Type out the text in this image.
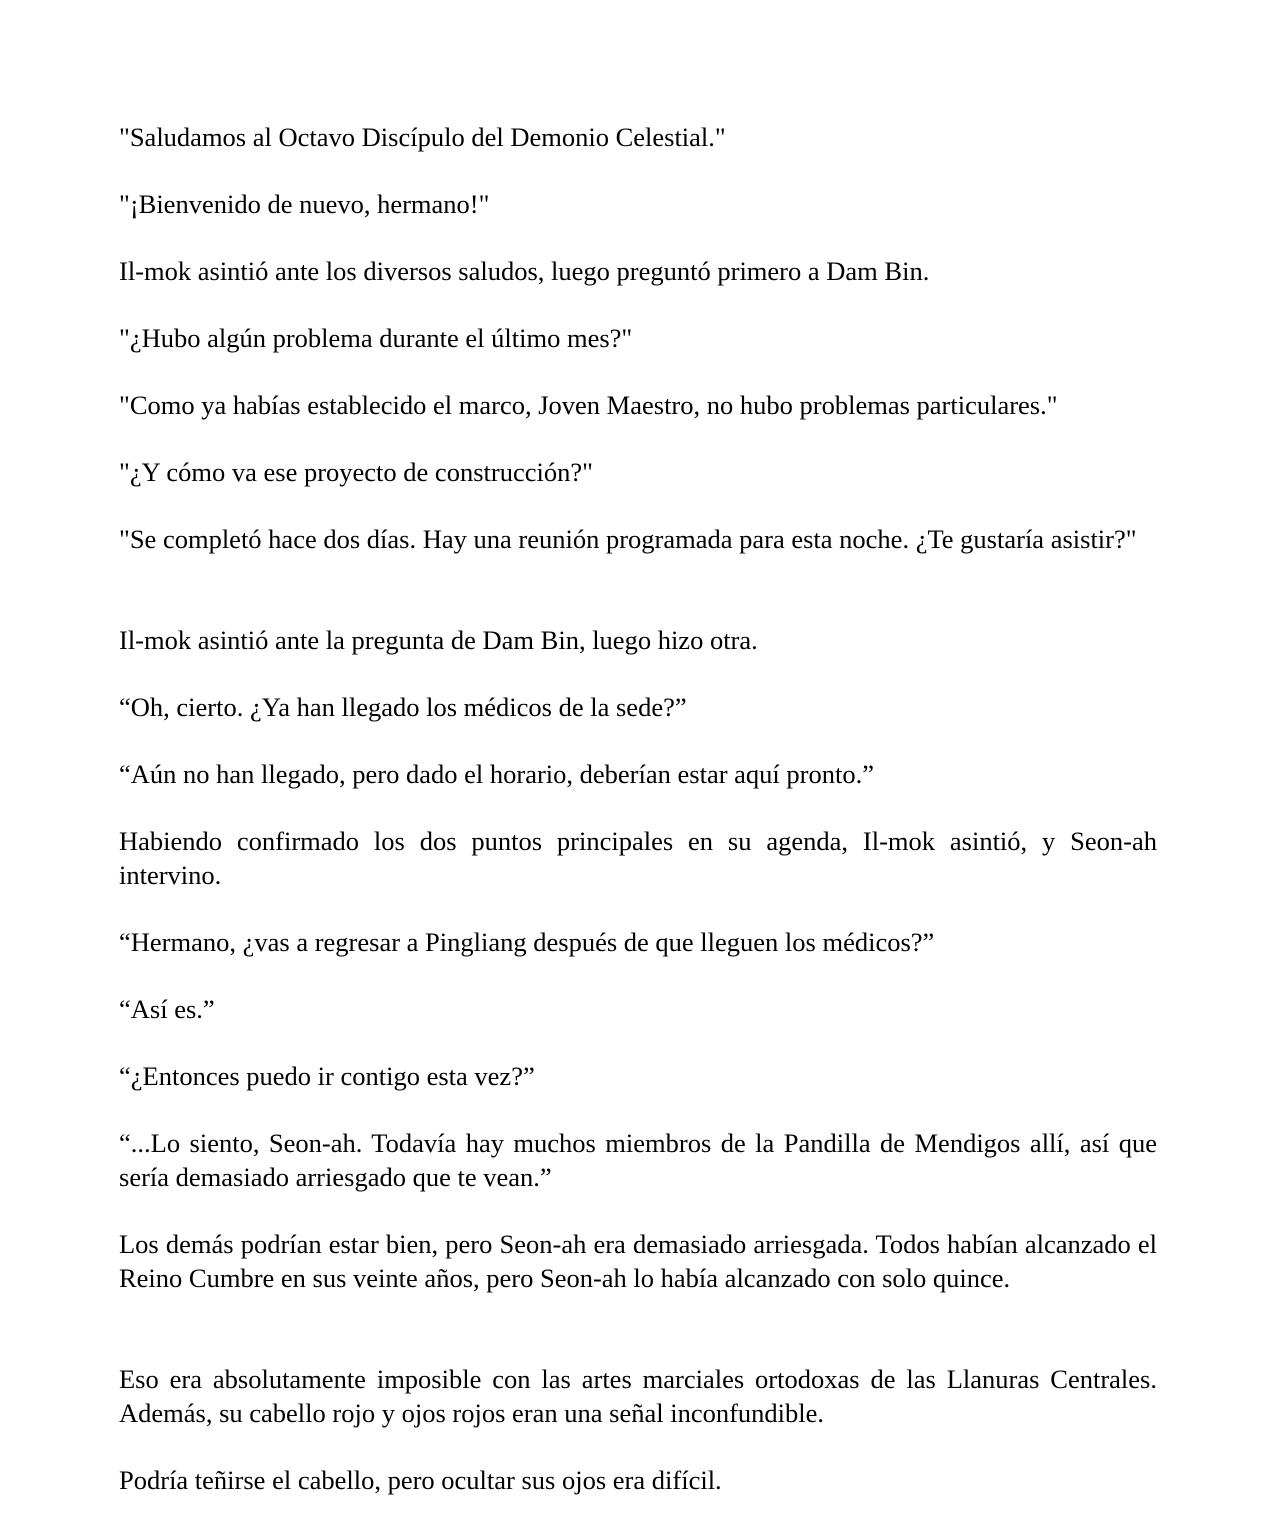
"Saludamos al Octavo Discípulo del Demonio Celestial."

"¡Bienvenido de nuevo, hermano!"

Il-mok asintió ante los diversos saludos, luego preguntó primero a Dam Bin.

"¿Hubo algún problema durante el último mes?"

"Como ya habías establecido el marco, Joven Maestro, no hubo problemas particulares."

"¿Y cómo va ese proyecto de construcción?"

"Se completó hace dos días. Hay una reunión programada para esta noche. ¿Te gustaría asistir?"

Il-mok asintió ante la pregunta de Dam Bin, luego hizo otra.

“Oh, cierto. ¿Ya han llegado los médicos de la sede?”

“Aún no han llegado, pero dado el horario, deberían estar aquí pronto.”

Habiendo confirmado los dos puntos principales en su agenda, Il-mok asintió, y Seon-ah intervino.

“Hermano, ¿vas a regresar a Pingliang después de que lleguen los médicos?”

“Así es.”

“¿Entonces puedo ir contigo esta vez?”

“...Lo siento, Seon-ah. Todavía hay muchos miembros de la Pandilla de Mendigos allí, así que sería demasiado arriesgado que te vean.”

Los demás podrían estar bien, pero Seon-ah era demasiado arriesgada. Todos habían alcanzado el Reino Cumbre en sus veinte años, pero Seon-ah lo había alcanzado con solo quince.

Eso era absolutamente imposible con las artes marciales ortodoxas de las Llanuras Centrales. Además, su cabello rojo y ojos rojos eran una señal inconfundible.

Podría teñirse el cabello, pero ocultar sus ojos era difícil.
